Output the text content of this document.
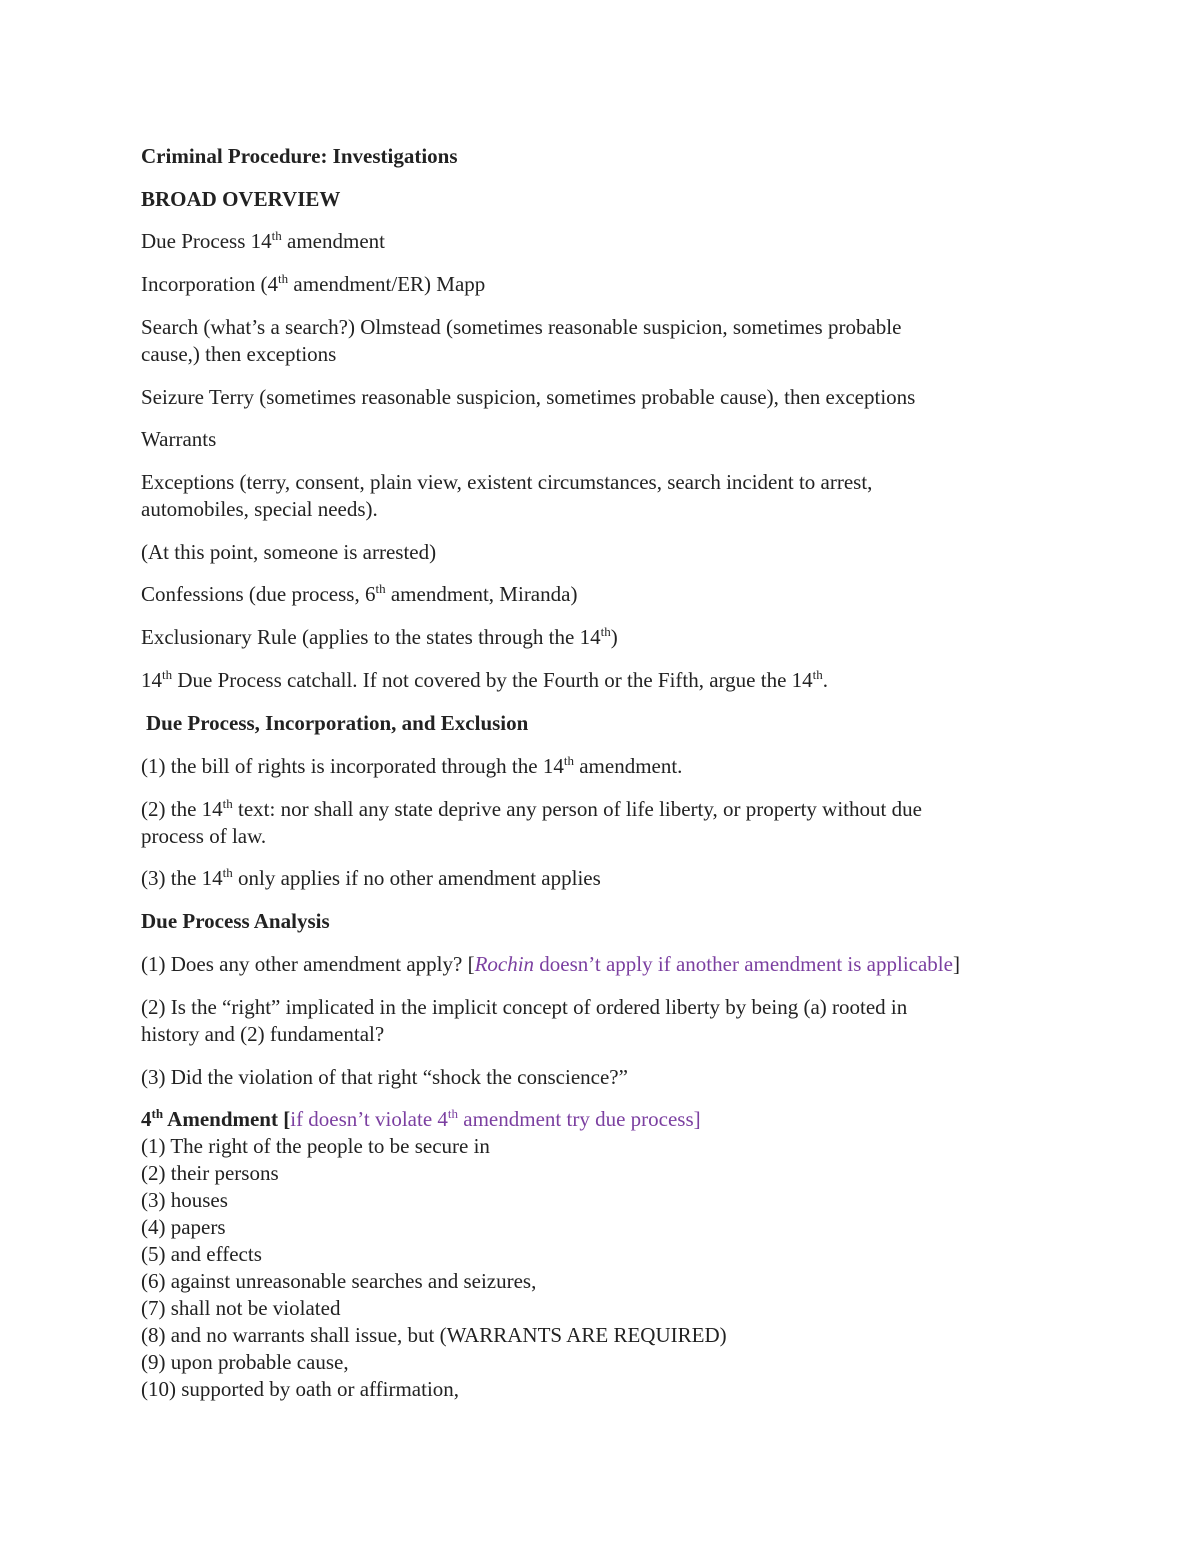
Criminal Procedure: Investigations
BROAD OVERVIEW
Due Process 14th amendment
Incorporation (4th amendment/ER) Mapp
Search (what’s a search?) Olmstead (sometimes reasonable suspicion, sometimes probable
cause,) then exceptions
Seizure Terry (sometimes reasonable suspicion, sometimes probable cause), then exceptions
Warrants
Exceptions (terry, consent, plain view, existent circumstances, search incident to arrest,
automobiles, special needs).
(At this point, someone is arrested)
Confessions (due process, 6th amendment, Miranda)
Exclusionary Rule (applies to the states through the 14th)
14th Due Process catchall. If not covered by the Fourth or the Fifth, argue the 14th.
Due Process, Incorporation, and Exclusion
(1) the bill of rights is incorporated through the 14th amendment.
(2) the 14th text: nor shall any state deprive any person of life liberty, or property without due
process of law.
(3) the 14th only applies if no other amendment applies
Due Process Analysis
(1) Does any other amendment apply? [Rochin doesn’t apply if another amendment is applicable]
(2) Is the “right” implicated in the implicit concept of ordered liberty by being (a) rooted in
history and (2) fundamental?
(3) Did the violation of that right “shock the conscience?”
4th Amendment [if doesn’t violate 4th amendment try due process]
(1) The right of the people to be secure in
(2) their persons
(3) houses
(4) papers
(5) and effects
(6) against unreasonable searches and seizures,
(7) shall not be violated
(8) and no warrants shall issue, but (WARRANTS ARE REQUIRED)
(9) upon probable cause,
(10) supported by oath or affirmation,
